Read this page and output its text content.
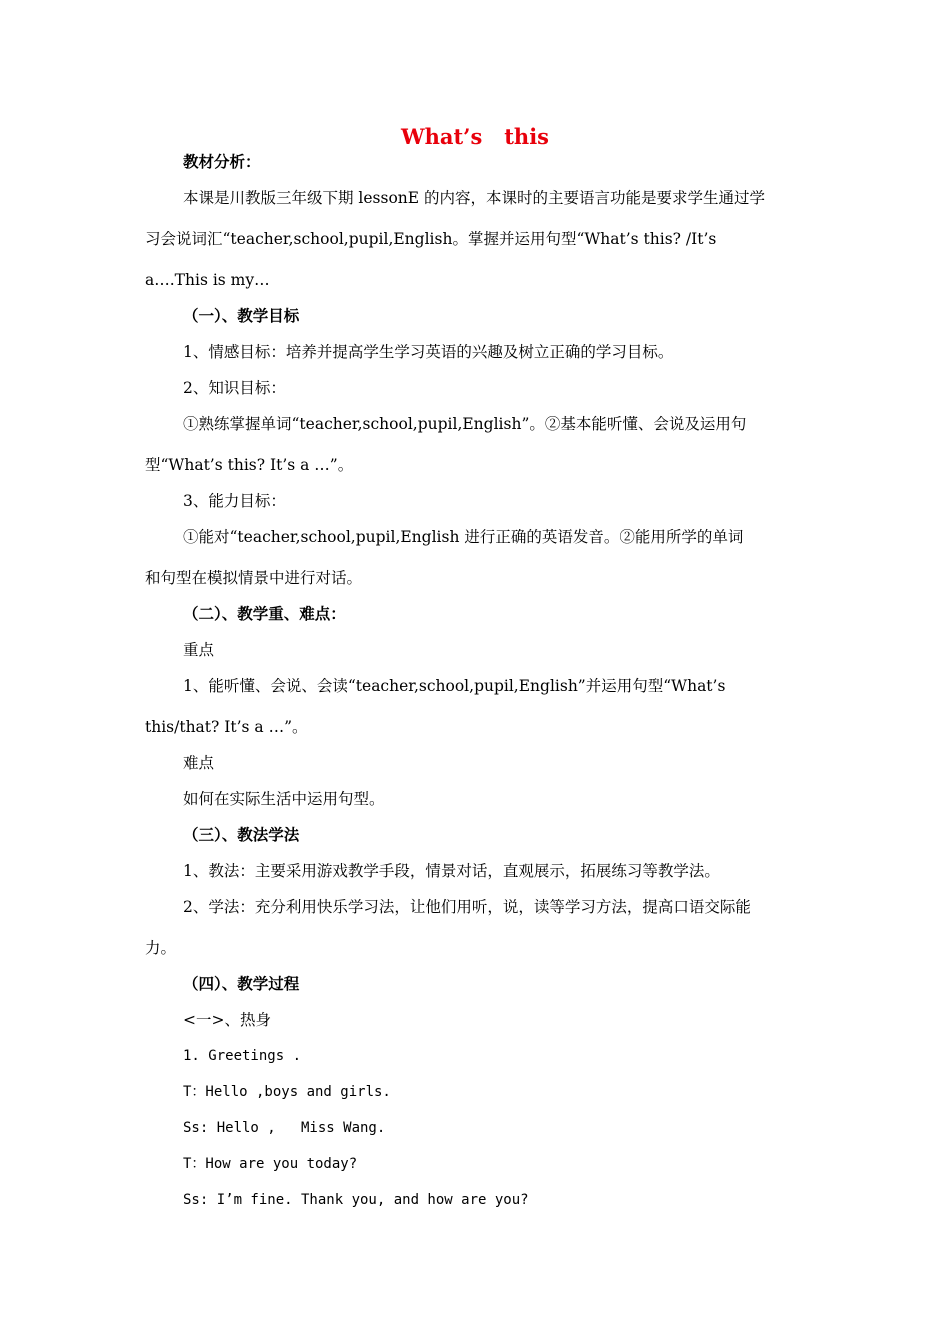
What’s   this
教材分析：
本课是川教版三年级下期 lessonE 的内容，本课时的主要语言功能是要求学生通过学
习会说词汇“teacher,school,pupil,English。掌握并运用句型“What’s this? /It’s
a….This is my…
（一）、教学目标
1、情感目标：培养并提高学生学习英语的兴趣及树立正确的学习目标。
2、知识目标：
①熟练掌握单词“teacher,school,pupil,English”。②基本能听懂、会说及运用句
型“What’s this? It’s a …”。
3、能力目标：
①能对“teacher,school,pupil,English 进行正确的英语发音。②能用所学的单词
和句型在模拟情景中进行对话。
（二）、教学重、难点：
重点
1、能听懂、会说、会读“teacher,school,pupil,English”并运用句型“What’s
this/that? It’s a …”。
难点
如何在实际生活中运用句型。
（三）、教法学法
1、教法：主要采用游戏教学手段，情景对话，直观展示，拓展练习等教学法。
2、学法：充分利用快乐学习法，让他们用听，说，读等学习方法，提高口语交际能
力。
（四）、教学过程
<一>、热身
1. Greetings .
T：Hello ,boys and girls.
Ss: Hello ,   Miss Wang.
T：How are you today?
Ss: I’m fine. Thank you, and how are you?
